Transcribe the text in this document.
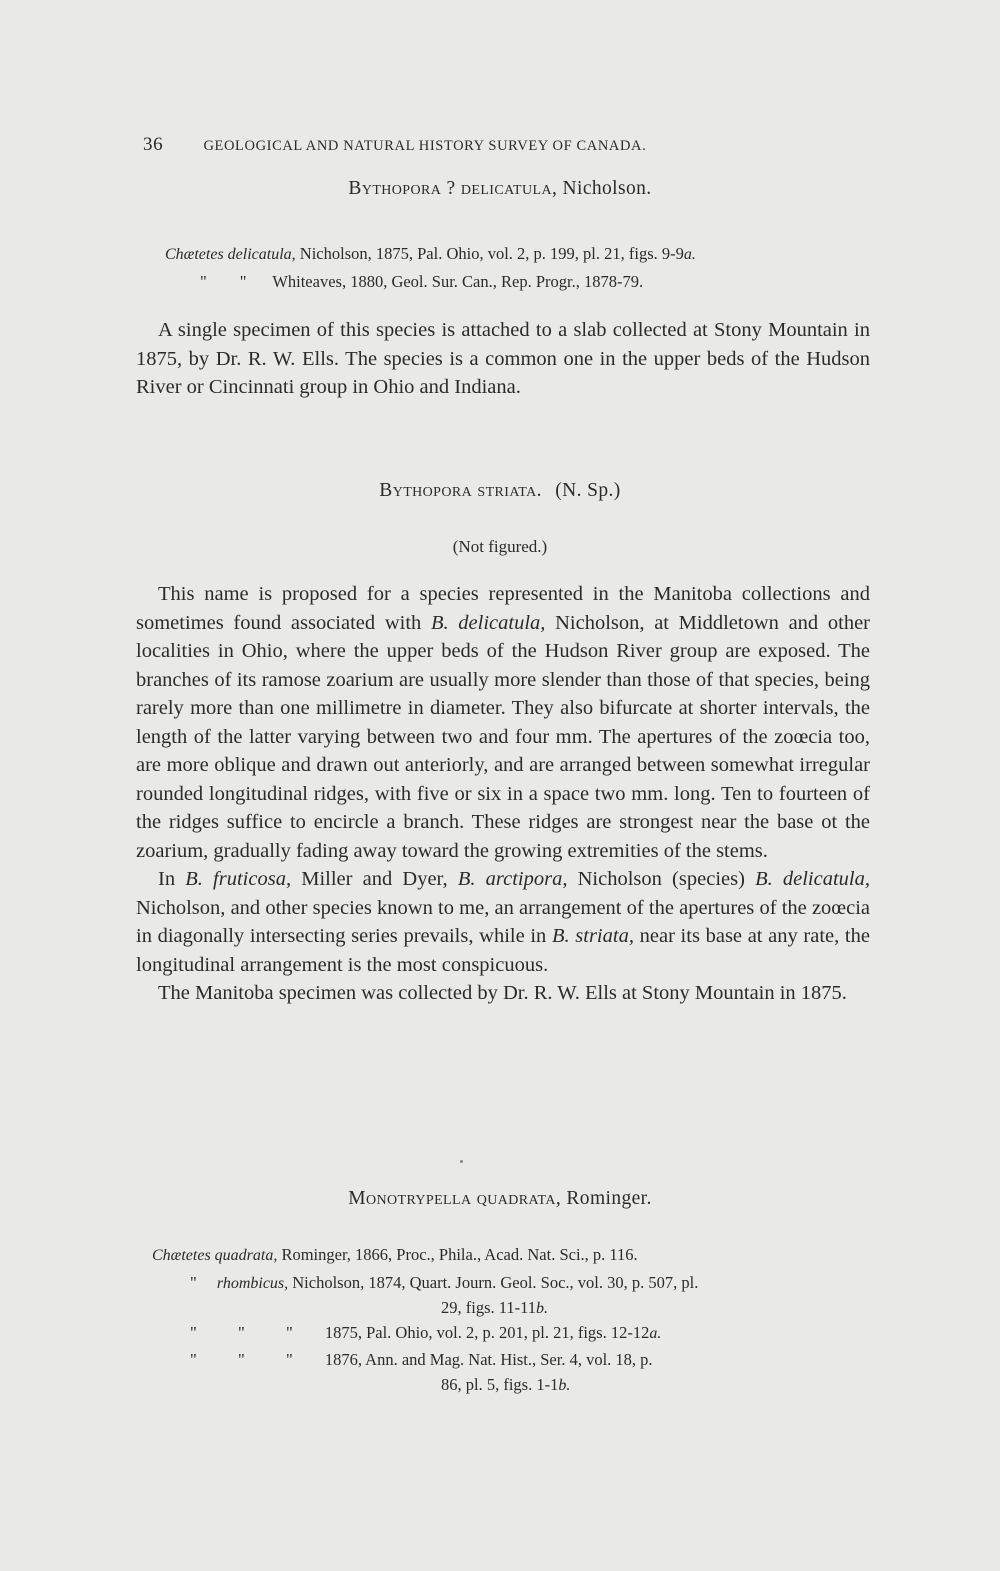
36	GEOLOGICAL AND NATURAL HISTORY SURVEY OF CANADA.
Bythopora ? delicatula, Nicholson.
Chætetes delicatula, Nicholson, 1875, Pal. Ohio, vol. 2, p. 199, pl. 21, figs. 9-9a.
"        " Whiteaves, 1880, Geol. Sur. Can., Rep. Progr., 1878-79.

A single specimen of this species is attached to a slab collected at Stony Mountain in 1875, by Dr. R. W. Ells. The species is a common one in the upper beds of the Hudson River or Cincinnati group in Ohio and Indiana.

Bythopora striata. (N. Sp.)
(Not figured.)

This name is proposed for a species represented in the Manitoba collections and sometimes found associated with B. delicatula, Nicholson, at Middletown and other localities in Ohio, where the upper beds of the Hudson River group are exposed. The branches of its ramose zoarium are usually more slender than those of that species, being rarely more than one millimetre in diameter. They also bifurcate at shorter intervals, the length of the latter varying between two and four mm. The apertures of the zoœcia too, are more oblique and drawn out anteriorly, and are arranged between somewhat irregular rounded longitudinal ridges, with five or six in a space two mm. long. Ten to fourteen of the ridges suffice to encircle a branch. These ridges are strongest near the base ot the zoarium, gradually fading away toward the growing extremities of the stems.

In B. fruticosa, Miller and Dyer, B. arctipora, Nicholson (species) B. delicatula, Nicholson, and other species known to me, an arrangement of the apertures of the zoœcia in diagonally intersecting series prevails, while in B. striata, near its base at any rate, the longitudinal arrangement is the most conspicuous.

The Manitoba specimen was collected by Dr. R. W. Ells at Stony Mountain in 1875.

Monotrypella quadrata, Rominger.
Chætetes quadrata, Rominger, 1866, Proc., Phila., Acad. Nat. Sci., p. 116.
" rhombicus, Nicholson, 1874, Quart. Journ. Geol. Soc., vol. 30, p. 507, pl.
29, figs. 11-11b.
"          "          " 1875, Pal. Ohio, vol. 2, p. 201, pl. 21, figs. 12-12a.
"          "          " 1876, Ann. and Mag. Nat. Hist., Ser. 4, vol. 18, p.
86, pl. 5, figs. 1-1b.
